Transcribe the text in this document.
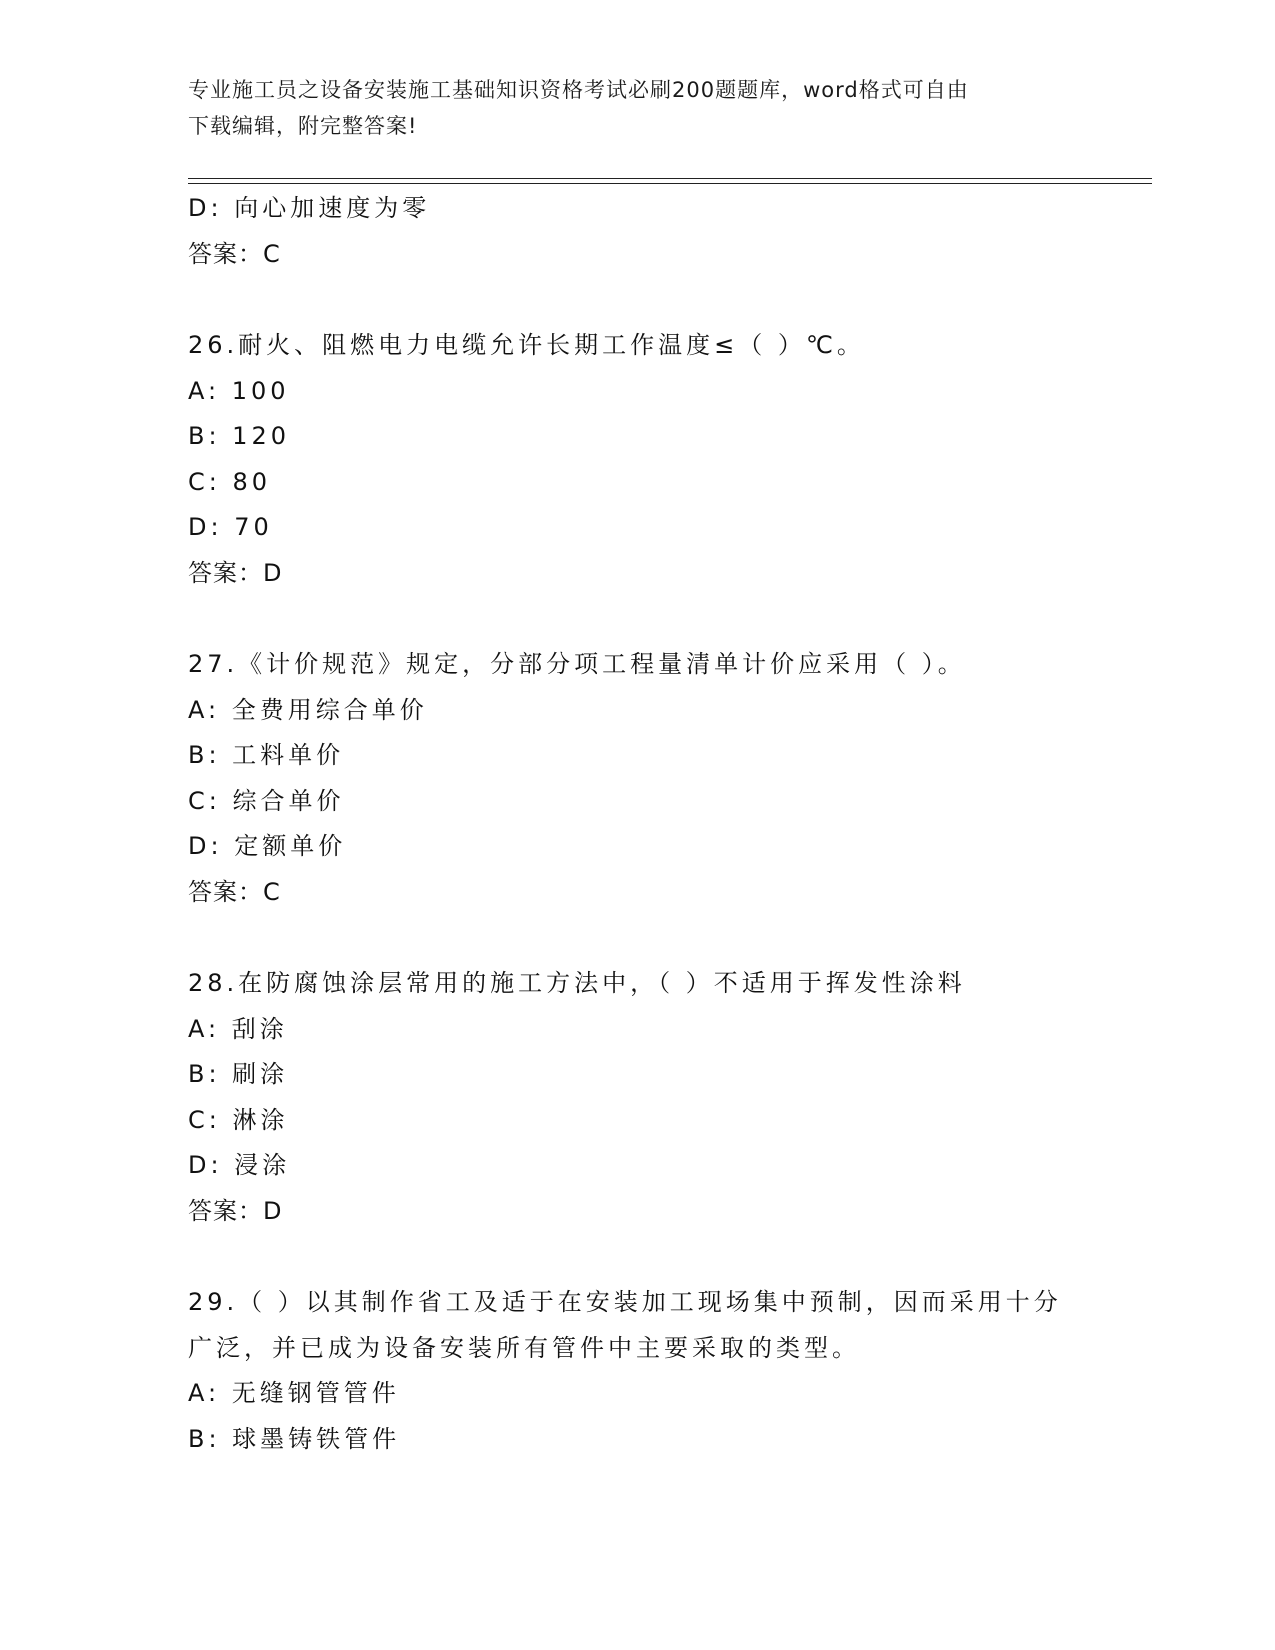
专业施工员之设备安装施工基础知识资格考试必刷200题题库，word格式可自由
下载编辑，附完整答案!
D: 向心加速度为零
答案：C
26.耐火、阻燃电力电缆允许长期工作温度≤（ ）℃。
A: 100
B: 120
C: 80
D: 70
答案：D
27.《计价规范》规定，分部分项工程量清单计价应采用（ ）。
A: 全费用综合单价
B: 工料单价
C: 综合单价
D: 定额单价
答案：C
28.在防腐蚀涂层常用的施工方法中，（ ）不适用于挥发性涂料
A: 刮涂
B: 刷涂
C: 淋涂
D: 浸涂
答案：D
29.（ ）以其制作省工及适于在安装加工现场集中预制，因而采用十分广泛，并已成为设备安装所有管件中主要采取的类型。
A: 无缝钢管管件
B: 球墨铸铁管件
